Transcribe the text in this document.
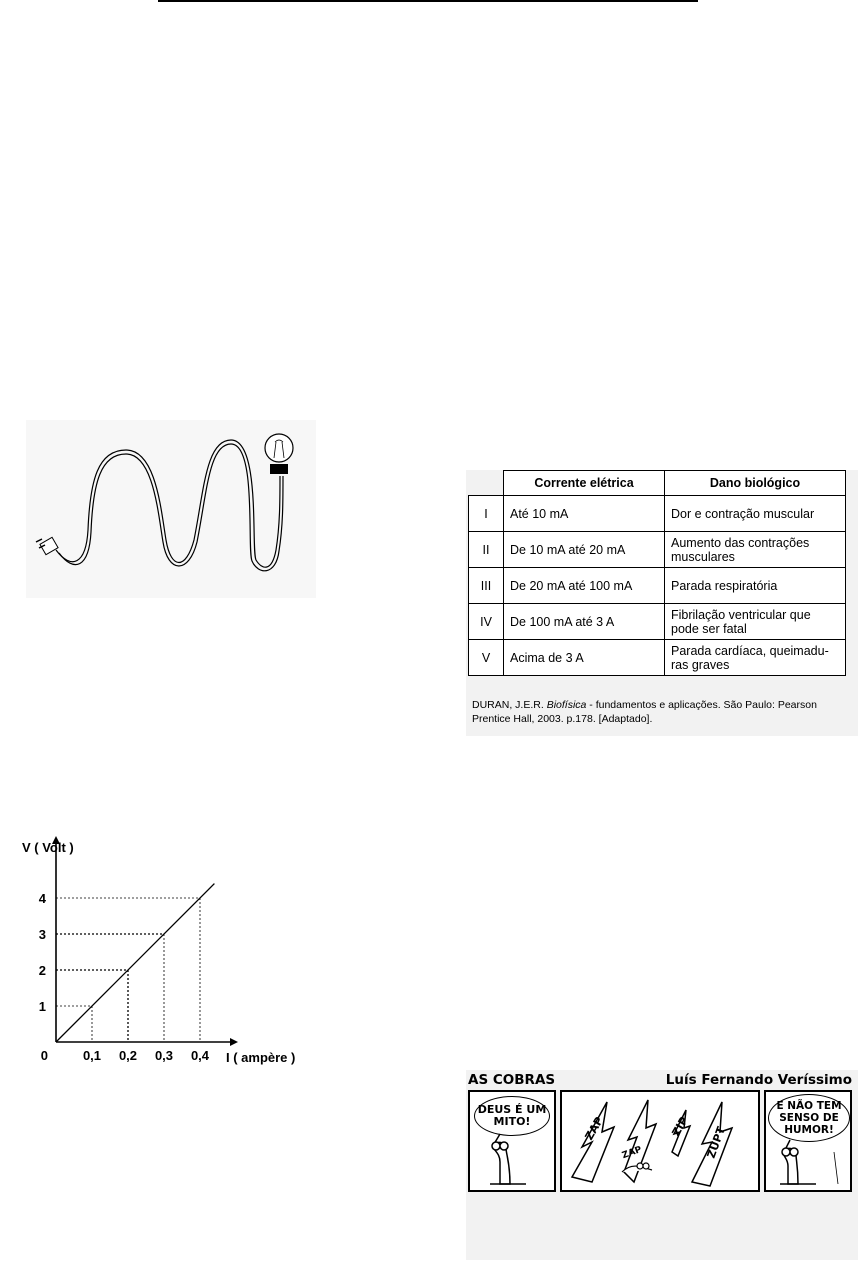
	Corrente elétrica	Dano biológico
I	Até 10 mA	Dor e contração muscular
II	De 10 mA até 20 mA	Aumento das contrações musculares
III	De 20 mA até 100 mA	Parada respiratória
IV	De 100 mA até 3 A	Fibrilação ventricular que pode ser fatal
V	Acima de 3 A	Parada cardíaca, queimadu-ras graves
DURAN, J.E.R. Biofísica - fundamentos e aplicações. São Paulo: Pearson Prentice Hall, 2003. p.178. [Adaptado].
0,1 0,2 0,3 0,4
1
2
3
4
0
V ( Volt )
I ( ampère )
AS COBRAS	Luís Fernando Veríssimo
DEUS É UM MITO!	ZAP	ZIP
ZAP	ZUPT
E NÃO TEM SENSO DE HUMOR!
